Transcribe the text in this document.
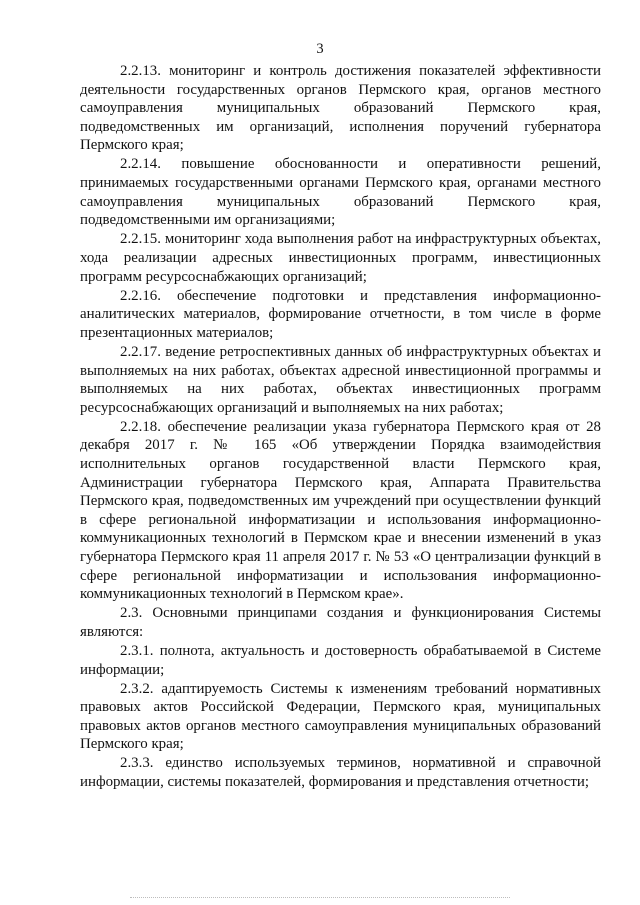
3

2.2.13. мониторинг и контроль достижения показателей эффективности деятельности государственных органов Пермского края, органов местного самоуправления муниципальных образований Пермского края, подведомственных им организаций, исполнения поручений губернатора Пермского края;

2.2.14. повышение обоснованности и оперативности решений, принимаемых государственными органами Пермского края, органами местного самоуправления муниципальных образований Пермского края, подведомственными им организациями;

2.2.15. мониторинг хода выполнения работ на инфраструктурных объектах, хода реализации адресных инвестиционных программ, инвестиционных программ ресурсоснабжающих организаций;

2.2.16. обеспечение подготовки и представления информационно-аналитических материалов, формирование отчетности, в том числе в форме презентационных материалов;

2.2.17. ведение ретроспективных данных об инфраструктурных объектах и выполняемых на них работах, объектах адресной инвестиционной программы и выполняемых на них работах, объектах инвестиционных программ ресурсоснабжающих организаций и выполняемых на них работах;

2.2.18. обеспечение реализации указа губернатора Пермского края от 28 декабря 2017 г. № 165 «Об утверждении Порядка взаимодействия исполнительных органов государственной власти Пермского края, Администрации губернатора Пермского края, Аппарата Правительства Пермского края, подведомственных им учреждений при осуществлении функций в сфере региональной информатизации и использования информационно-коммуникационных технологий в Пермском крае и внесении изменений в указ губернатора Пермского края 11 апреля 2017 г. № 53 «О централизации функций в сфере региональной информатизации и использования информационно-коммуникационных технологий в Пермском крае».

2.3. Основными принципами создания и функционирования Системы являются:

2.3.1. полнота, актуальность и достоверность обрабатываемой в Системе информации;

2.3.2. адаптируемость Системы к изменениям требований нормативных правовых актов Российской Федерации, Пермского края, муниципальных правовых актов органов местного самоуправления муниципальных образований Пермского края;

2.3.3. единство используемых терминов, нормативной и справочной информации, системы показателей, формирования и представления отчетности;
